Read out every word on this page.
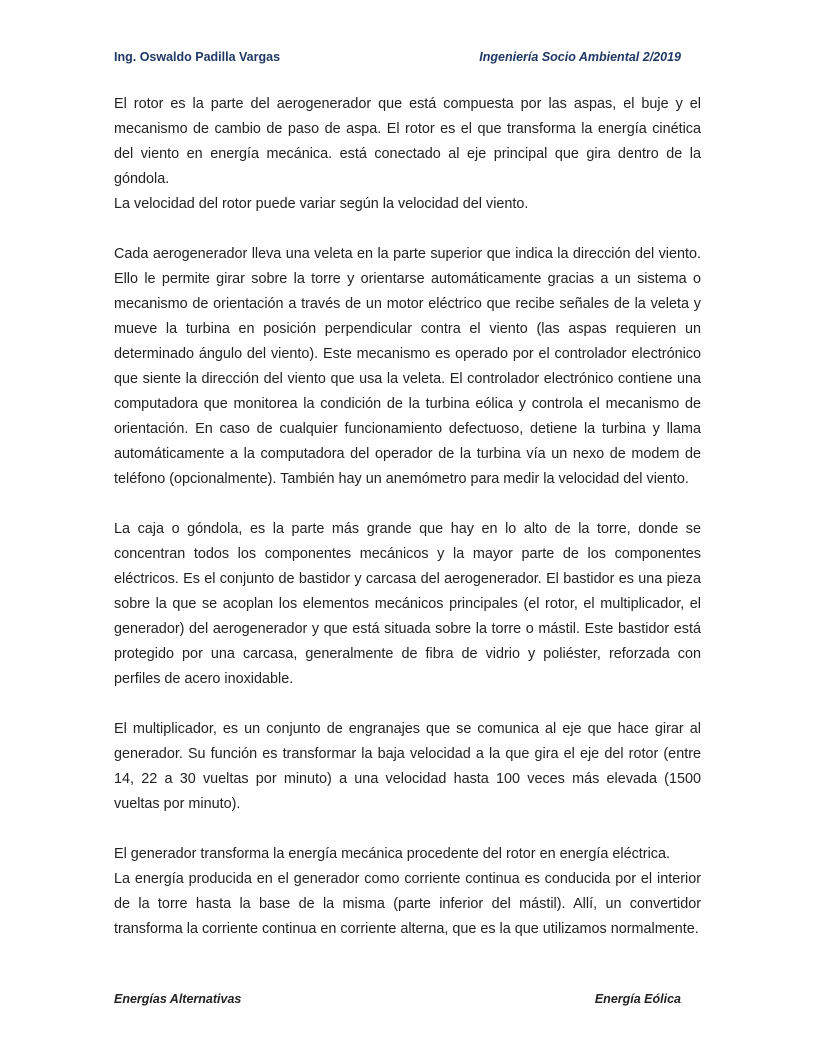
Ing. Oswaldo Padilla Vargas	Ingeniería Socio Ambiental 2/2019

El rotor es la parte del aerogenerador que está compuesta por las aspas, el buje y el mecanismo de cambio de paso de aspa. El rotor es el que transforma la energía cinética del viento en energía mecánica. está conectado al eje principal que gira dentro de la góndola.
La velocidad del rotor puede variar según la velocidad del viento.

Cada aerogenerador lleva una veleta en la parte superior que indica la dirección del viento. Ello le permite girar sobre la torre y orientarse automáticamente gracias a un sistema o mecanismo de orientación a través de un motor eléctrico que recibe señales de la veleta y mueve la turbina en posición perpendicular contra el viento (las aspas requieren un determinado ángulo del viento). Este mecanismo es operado por el controlador electrónico que siente la dirección del viento que usa la veleta. El controlador electrónico contiene una computadora que monitorea la condición de la turbina eólica y controla el mecanismo de orientación. En caso de cualquier funcionamiento defectuoso, detiene la turbina y llama automáticamente a la computadora del operador de la turbina vía un nexo de modem de teléfono (opcionalmente). También hay un anemómetro para medir la velocidad del viento.

La caja o góndola, es la parte más grande que hay en lo alto de la torre, donde se concentran todos los componentes mecánicos y la mayor parte de los componentes eléctricos. Es el conjunto de bastidor y carcasa del aerogenerador. El bastidor es una pieza sobre la que se acoplan los elementos mecánicos principales (el rotor, el multiplicador, el generador) del aerogenerador y que está situada sobre la torre o mástil. Este bastidor está protegido por una carcasa, generalmente de fibra de vidrio y poliéster, reforzada con perfiles de acero inoxidable.

El multiplicador, es un conjunto de engranajes que se comunica al eje que hace girar al generador. Su función es transformar la baja velocidad a la que gira el eje del rotor (entre 14, 22 a 30 vueltas por minuto) a una velocidad hasta 100 veces más elevada (1500 vueltas por minuto).

El generador transforma la energía mecánica procedente del rotor en energía eléctrica.
La energía producida en el generador como corriente continua es conducida por el interior de la torre hasta la base de la misma (parte inferior del mástil). Allí, un convertidor transforma la corriente continua en corriente alterna, que es la que utilizamos normalmente.

Energías Alternativas	Energía Eólica
